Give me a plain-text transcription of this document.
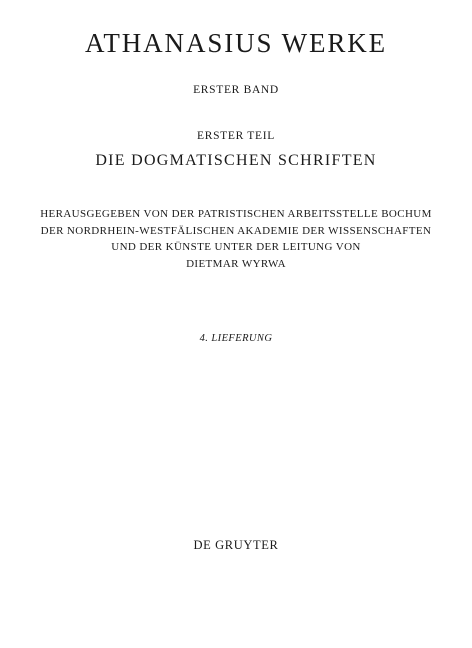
ATHANASIUS WERKE
ERSTER BAND
ERSTER TEIL
DIE DOGMATISCHEN SCHRIFTEN
HERAUSGEGEBEN VON DER PATRISTISCHEN ARBEITSSTELLE BOCHUM
DER NORDRHEIN-WESTFÄLISCHEN AKADEMIE DER WISSENSCHAFTEN
UND DER KÜNSTE UNTER DER LEITUNG VON
DIETMAR WYRWA
4. LIEFERUNG
DE GRUYTER
